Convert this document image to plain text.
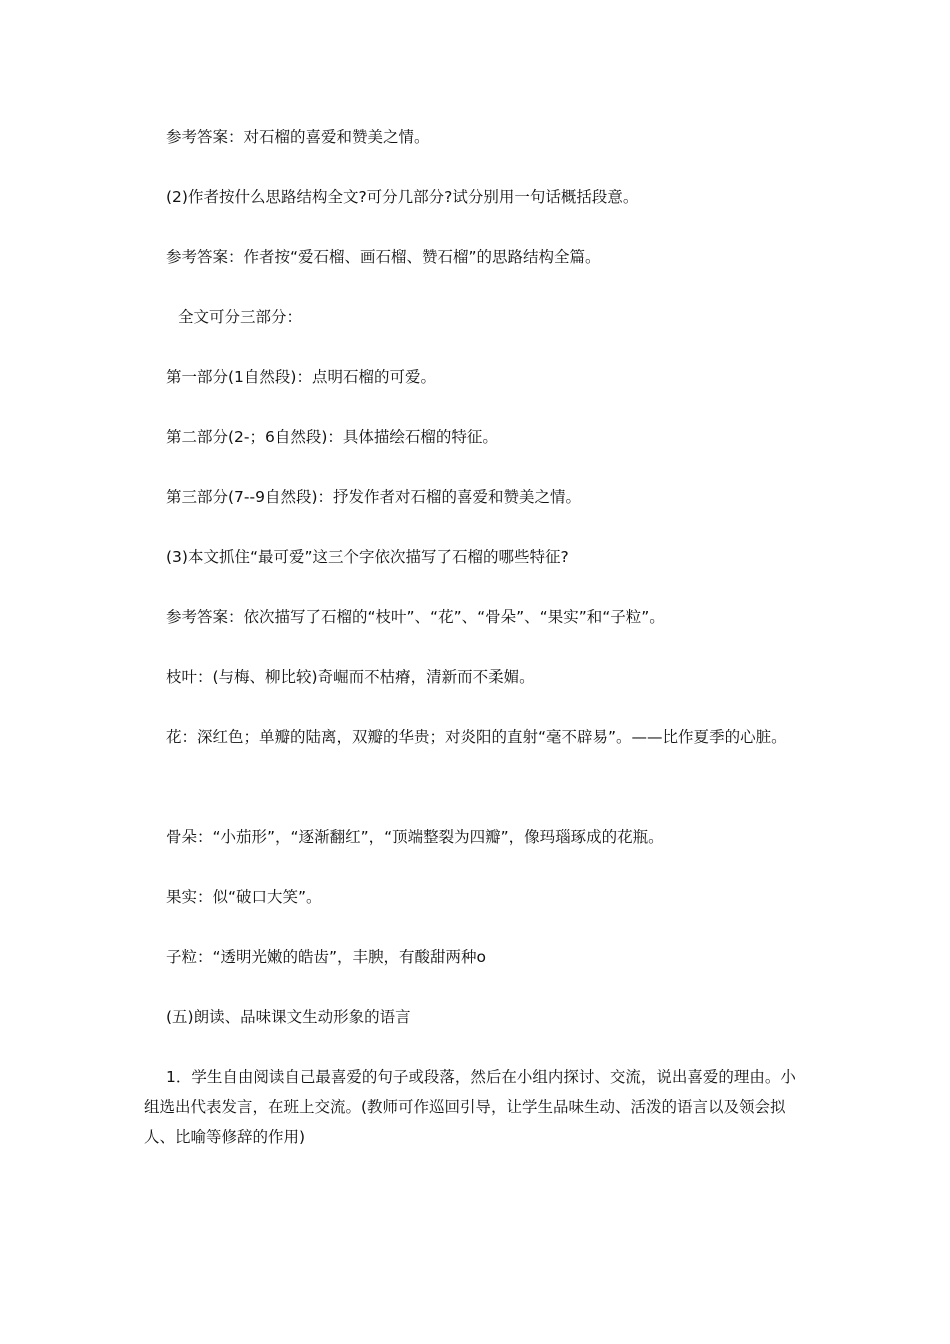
参考答案：对石榴的喜爱和赞美之情。

(2)作者按什么思路结构全文?可分几部分?试分别用一句话概括段意。

参考答案：作者按“爱石榴、画石榴、赞石榴”的思路结构全篇。

全文可分三部分：

第一部分(1自然段)：点明石榴的可爱。

第二部分(2-；6自然段)：具体描绘石榴的特征。

第三部分(7--9自然段)：抒发作者对石榴的喜爱和赞美之情。

(3)本文抓住“最可爱”这三个字依次描写了石榴的哪些特征?

参考答案：依次描写了石榴的“枝叶”、“花”、“骨朵”、“果实”和“子粒”。

枝叶：(与梅、柳比较)奇崛而不枯瘠，清新而不柔媚。

花：深红色；单瓣的陆离，双瓣的华贵；对炎阳的直射“毫不辟易”。——比作夏季的心脏。

骨朵：“小茄形”，“逐渐翻红”，“顶端整裂为四瓣”，像玛瑙琢成的花瓶。

果实：似“破口大笑”。

子粒：“透明光嫩的皓齿”，丰腴，有酸甜两种o

(五)朗读、品味课文生动形象的语言

1．学生自由阅读自己最喜爱的句子或段落，然后在小组内探讨、交流，说出喜爱的理由。小组选出代表发言，在班上交流。(教师可作巡回引导，让学生品味生动、活泼的语言以及领会拟人、比喻等修辞的作用)
